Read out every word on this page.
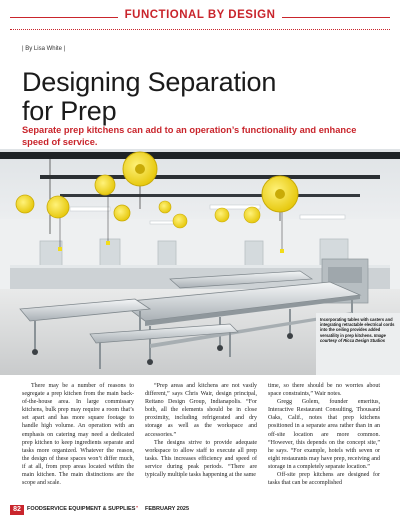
FUNCTIONAL BY DESIGN
| By Lisa White |
Designing Separation
for Prep
Separate prep kitchens can add to an operation’s functionality and enhance speed of service.
Incorporating tables with casters and integrating retractable electrical cords into the ceiling provides added versatility in prep kitchens. Image courtesy of Ricca Design Studios

There may be a number of reasons to segregate a prep kitchen from the main back-of-the-house area. In large commissary kitchens, bulk prep may require a room that’s set apart and has more square footage to handle high volume. An operation with an emphasis on catering may need a dedicated prep kitchen to keep ingredients separate and tasks more organized. Whatever the reason, the design of these spaces won’t differ much, if at all, from prep areas located within the main kitchen. The main distinctions are the scope and scale.

“Prep areas and kitchens are not vastly different,” says Chris Wair, design principal, Reitano Design Group, Indianapolis. “For both, all the elements should be in close proximity, including refrigerated and dry storage as well as the workspace and accessories.”

The designs strive to provide adequate workspace to allow staff to execute all prep tasks. This increases efficiency and speed of service during peak periods. “There are typically multiple tasks happening at the same

time, so there should be no worries about space constraints,” Wair notes.

Gregg Golem, founder emeritus, Interactive Restaurant Consulting, Thousand Oaks, Calif., notes that prep kitchens positioned in a separate area rather than in an off-site location are more common. “However, this depends on the concept site,” he says. “For example, hotels with seven or eight restaurants may have prep, receiving and storage in a completely separate location.”

Off-site prep kitchens are designed for tasks that can be accomplished

82	FOODSERVICE EQUIPMENT & SUPPLIES • FEBRUARY 2025
